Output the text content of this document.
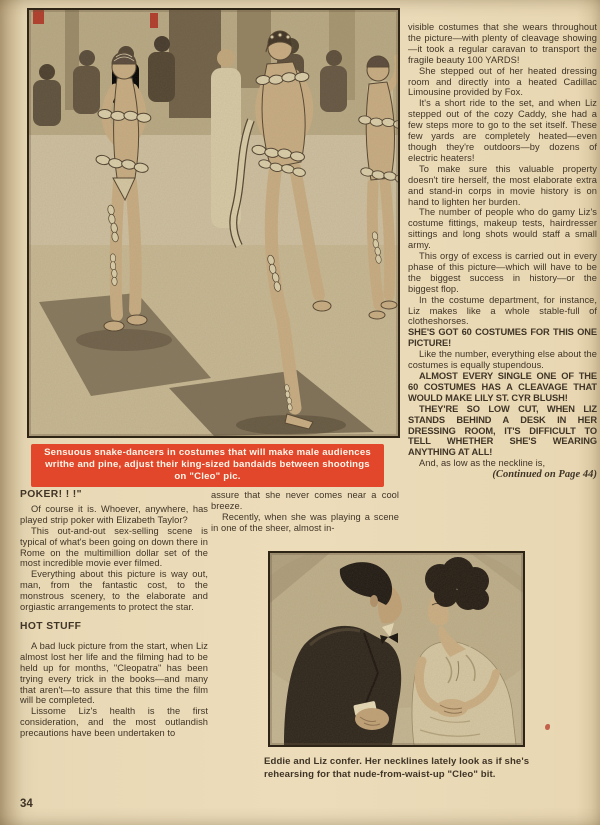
Sensuous snake-dancers in costumes that will make male audiences writhe and pine, adjust their king-sized bandaids between shootings on "Cleo" pic.

visible costumes that she wears throughout the picture—with plenty of cleavage showing—it took a regular caravan to transport the fragile beauty 100 YARDS!

She stepped out of her heated dressing room and directly into a heated Cadillac Limousine provided by Fox.

It's a short ride to the set, and when Liz stepped out of the cozy Caddy, she had a few steps more to go to the set itself. These few yards are completely heated—even though they're outdoors—by dozens of electric heaters!

To make sure this valuable property doesn't tire herself, the most elaborate extra and stand-in corps in movie history is on hand to lighten her burden.

The number of people who do gamy Liz's costume fittings, makeup tests, hairdresser sittings and long shots would staff a small army.

This orgy of excess is carried out in every phase of this picture—which will have to be the biggest success in history—or the biggest flop.

In the costume department, for instance, Liz makes like a whole stable-full of clotheshorses.

SHE'S GOT 60 COSTUMES FOR THIS ONE PICTURE!

Like the number, everything else about the costumes is equally stupendous.

ALMOST EVERY SINGLE ONE OF THE 60 COSTUMES HAS A CLEAVAGE THAT WOULD MAKE LILY ST. CYR BLUSH!

THEY'RE SO LOW CUT, WHEN LIZ STANDS BEHIND A DESK IN HER DRESSING ROOM, IT'S DIFFICULT TO TELL WHETHER SHE'S WEARING ANYTHING AT ALL!

And, as low as the neckline is,

(Continued on Page 44)

POKER! ! !"

Of course it is. Whoever, anywhere, has played strip poker with Elizabeth Taylor?

This out-and-out sex-selling scene is typical of what's been going on down there in Rome on the multimillion dollar set of the most incredible movie ever filmed.

Everything about this picture is way out, man, from the fantastic cost, to the monstrous scenery, to the elaborate and orgiastic arrangements to protect the star.

HOT STUFF

A bad luck picture from the start, when Liz almost lost her life and the filming had to be held up for months, "Cleopatra" has been trying every trick in the books—and many that aren't—to assure that this time the film will be completed.

Lissome Liz's health is the first consideration, and the most outlandish precautions have been undertaken to

assure that she never comes near a cool breeze.

Recently, when she was playing a scene in one of the sheer, almost in-

Eddie and Liz confer. Her necklines lately look as if she's rehearsing for that nude-from-waist-up "Cleo" bit.
34
